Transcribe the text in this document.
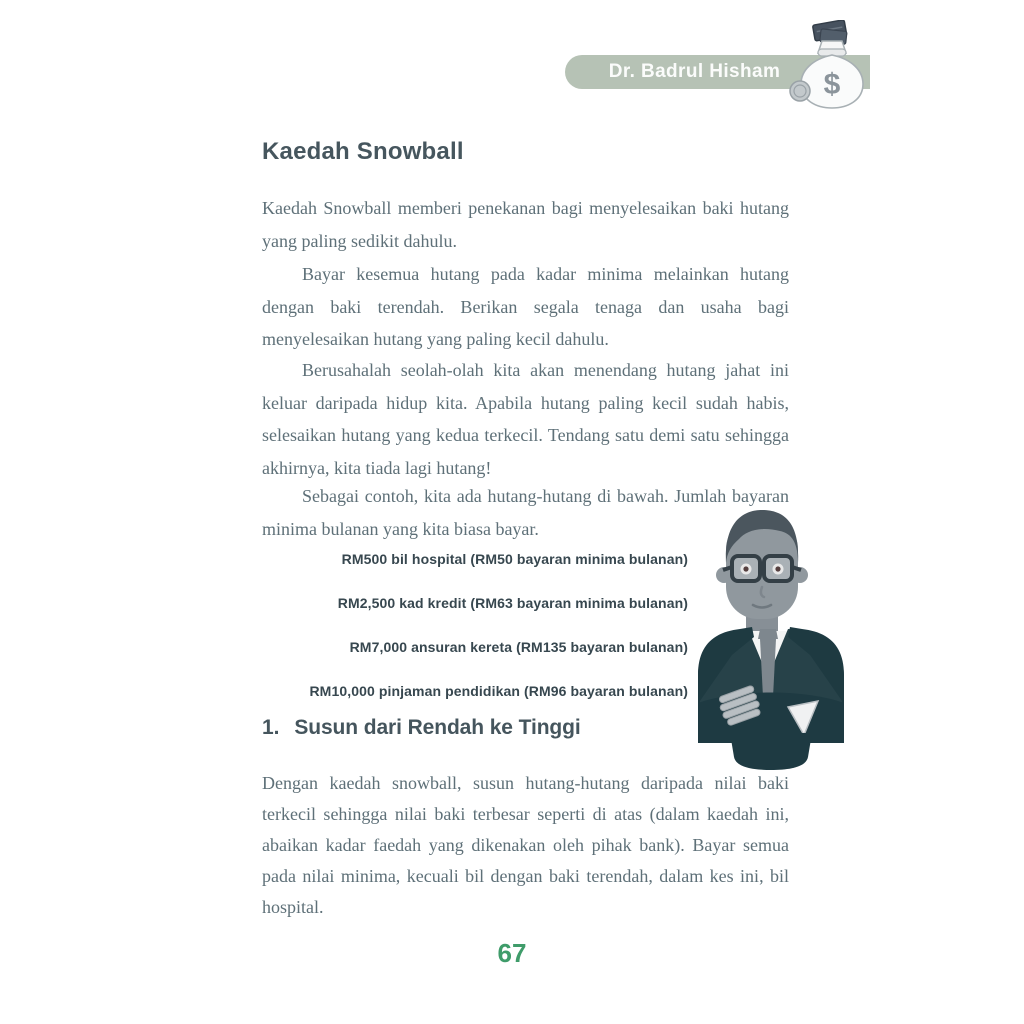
Dr. Badrul Hisham $
Kaedah Snowball

Kaedah Snowball memberi penekanan bagi menyelesaikan baki hutang yang paling sedikit dahulu.

Bayar kesemua hutang pada kadar minima melainkan hutang dengan baki terendah. Berikan segala tenaga dan usaha bagi menyelesaikan hutang yang paling kecil dahulu.

Berusahalah seolah-olah kita akan menendang hutang jahat ini keluar daripada hidup kita. Apabila hutang paling kecil sudah habis, selesaikan hutang yang kedua terkecil. Tendang satu demi satu sehingga akhirnya, kita tiada lagi hutang!

Sebagai contoh, kita ada hutang-hutang di bawah. Jumlah bayaran minima bulanan yang kita biasa bayar.

RM500 bil hospital (RM50 bayaran minima bulanan)
RM2,500 kad kredit (RM63 bayaran minima bulanan)
RM7,000 ansuran kereta (RM135 bayaran bulanan)
RM10,000 pinjaman pendidikan (RM96 bayaran bulanan)
1. Susun dari Rendah ke Tinggi

Dengan kaedah snowball, susun hutang-hutang daripada nilai baki terkecil sehingga nilai baki terbesar seperti di atas (dalam kaedah ini, abaikan kadar faedah yang dikenakan oleh pihak bank). Bayar semua pada nilai minima, kecuali bil dengan baki terendah, dalam kes ini, bil hospital.

67
